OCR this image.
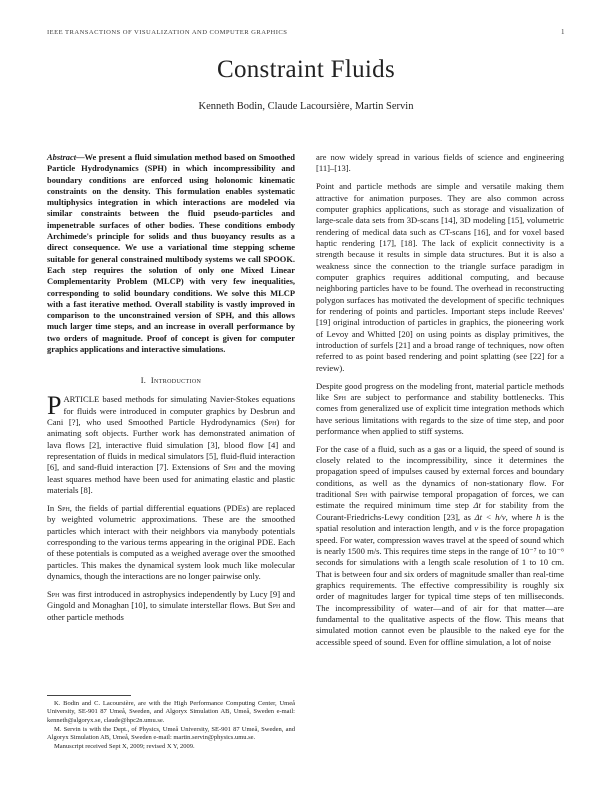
IEEE TRANSACTIONS OF VISUALIZATION AND COMPUTER GRAPHICS	1
Constraint Fluids
Kenneth Bodin, Claude Lacoursière, Martin Servin

Abstract—We present a fluid simulation method based on Smoothed Particle Hydrodynamics (SPH) in which incompressibility and boundary conditions are enforced using holonomic kinematic constraints on the density. This formulation enables systematic multiphysics integration in which interactions are modeled via similar constraints between the fluid pseudo-particles and impenetrable surfaces of other bodies. These conditions embody Archimede's principle for solids and thus buoyancy results as a direct consequence. We use a variational time stepping scheme suitable for general constrained multibody systems we call SPOOK. Each step requires the solution of only one Mixed Linear Complementarity Problem (MLCP) with very few inequalities, corresponding to solid boundary conditions. We solve this MLCP with a fast iterative method. Overall stability is vastly improved in comparison to the unconstrained version of SPH, and this allows much larger time steps, and an increase in overall performance by two orders of magnitude. Proof of concept is given for computer graphics applications and interactive simulations.

I. Introduction

PARTICLE based methods for simulating Navier-Stokes equations for fluids were introduced in computer graphics by Desbrun and Cani [?], who used Smoothed Particle Hydrodynamics (Sph) for animating soft objects. Further work has demonstrated animation of lava flows [2], interactive fluid simulation [3], blood flow [4] and representation of fluids in medical simulators [5], fluid-fluid interaction [6], and sand-fluid interaction [7]. Extensions of Sph and the moving least squares method have been used for animating elastic and plastic materials [8].

In Sph, the fields of partial differential equations (PDEs) are replaced by weighted volumetric approximations. These are the smoothed particles which interact with their neighbors via manybody potentials corresponding to the various terms appearing in the original PDE. Each of these potentials is computed as a weighed average over the smoothed particles. This makes the dynamical system look much like molecular dynamics, though the interactions are no longer pairwise only.

Sph was first introduced in astrophysics independently by Lucy [9] and Gingold and Monaghan [10], to simulate interstellar flows. But Sph and other particle methods

K. Bodin and C. Lacoursière, are with the High Performance Computing Center, Umeå University, SE-901 87 Umeå, Sweden, and Algoryx Simulation AB, Umeå, Sweden e-mail: kenneth@algoryx.se, claude@hpc2n.umu.se.

M. Servin is with the Dept., of Physics, Umeå University, SE-901 87 Umeå, Sweden, and Algoryx Simulation AB, Umeå, Sweden e-mail: martin.servin@physics.umu.se.

Manuscript received Sept X, 2009; revised X Y, 2009.

are now widely spread in various fields of science and engineering [11]–[13].

Point and particle methods are simple and versatile making them attractive for animation purposes. They are also common across computer graphics applications, such as storage and visualization of large-scale data sets from 3D-scans [14], 3D modeling [15], volumetric rendering of medical data such as CT-scans [16], and for voxel based haptic rendering [17], [18]. The lack of explicit connectivity is a strength because it results in simple data structures. But it is also a weakness since the connection to the triangle surface paradigm in computer graphics requires additional computing, and because neighboring particles have to be found. The overhead in reconstructing polygon surfaces has motivated the development of specific techniques for rendering of points and particles. Important steps include Reeves' [19] original introduction of particles in graphics, the pioneering work of Levoy and Whitted [20] on using points as display primitives, the introduction of surfels [21] and a broad range of techniques, now often referred to as point based rendering and point splatting (see [22] for a review).

Despite good progress on the modeling front, material particle methods like Sph are subject to performance and stability bottlenecks. This comes from generalized use of explicit time integration methods which have serious limitations with regards to the size of time step, and poor performance when applied to stiff systems.

For the case of a fluid, such as a gas or a liquid, the speed of sound is closely related to the incompressibility, since it determines the propagation speed of impulses caused by external forces and boundary conditions, as well as the dynamics of non-stationary flow. For traditional Sph with pairwise temporal propagation of forces, we can estimate the required minimum time step Δt for stability from the Courant-Friedrichs-Lewy condition [23], as Δt < h/v, where h is the spatial resolution and interaction length, and v is the force propagation speed. For water, compression waves travel at the speed of sound which is nearly 1500 m/s. This requires time steps in the range of 10⁻⁷ to 10⁻⁶ seconds for simulations with a length scale resolution of 1 to 10 cm. That is between four and six orders of magnitude smaller than real-time graphics requirements. The effective compressibility is roughly six order of magnitudes larger for typical time steps of ten milliseconds. The incompressibility of water—and of air for that matter—are fundamental to the qualitative aspects of the flow. This means that simulated motion cannot even be plausible to the naked eye for the accessible speed of sound. Even for offline simulation, a lot of noise
